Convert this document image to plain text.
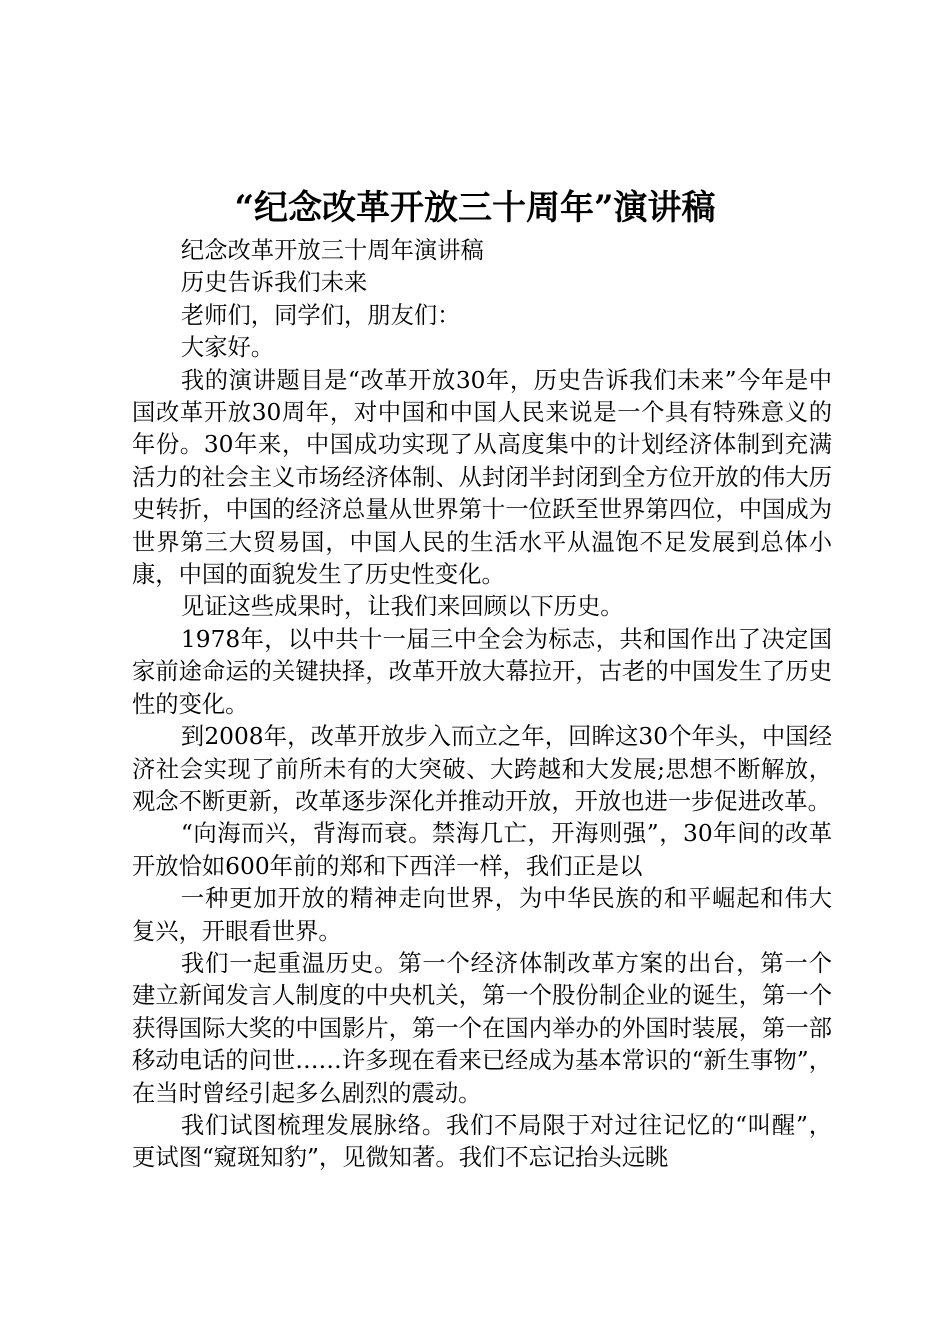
“纪念改革开放三十周年”演讲稿

纪念改革开放三十周年演讲稿

历史告诉我们未来

老师们，同学们，朋友们：

大家好。

我的演讲题目是“改革开放30年，历史告诉我们未来”今年是中国改革开放30周年，对中国和中国人民来说是一个具有特殊意义的年份。30年来，中国成功实现了从高度集中的计划经济体制到充满活力的社会主义市场经济体制、从封闭半封闭到全方位开放的伟大历史转折，中国的经济总量从世界第十一位跃至世界第四位，中国成为世界第三大贸易国，中国人民的生活水平从温饱不足发展到总体小康，中国的面貌发生了历史性变化。

见证这些成果时，让我们来回顾以下历史。

1978年，以中共十一届三中全会为标志，共和国作出了决定国家前途命运的关键抉择，改革开放大幕拉开，古老的中国发生了历史性的变化。

到2008年，改革开放步入而立之年，回眸这30个年头，中国经济社会实现了前所未有的大突破、大跨越和大发展;思想不断解放，观念不断更新，改革逐步深化并推动开放，开放也进一步促进改革。

“向海而兴，背海而衰。禁海几亡，开海则强”，30年间的改革开放恰如600年前的郑和下西洋一样，我们正是以

一种更加开放的精神走向世界，为中华民族的和平崛起和伟大复兴，开眼看世界。

我们一起重温历史。第一个经济体制改革方案的出台，第一个建立新闻发言人制度的中央机关，第一个股份制企业的诞生，第一个获得国际大奖的中国影片，第一个在国内举办的外国时装展，第一部移动电话的问世……许多现在看来已经成为基本常识的“新生事物”，在当时曾经引起多么剧烈的震动。

我们试图梳理发展脉络。我们不局限于对过往记忆的“叫醒”，更试图“窥斑知豹”，见微知著。我们不忘记抬头远眺
